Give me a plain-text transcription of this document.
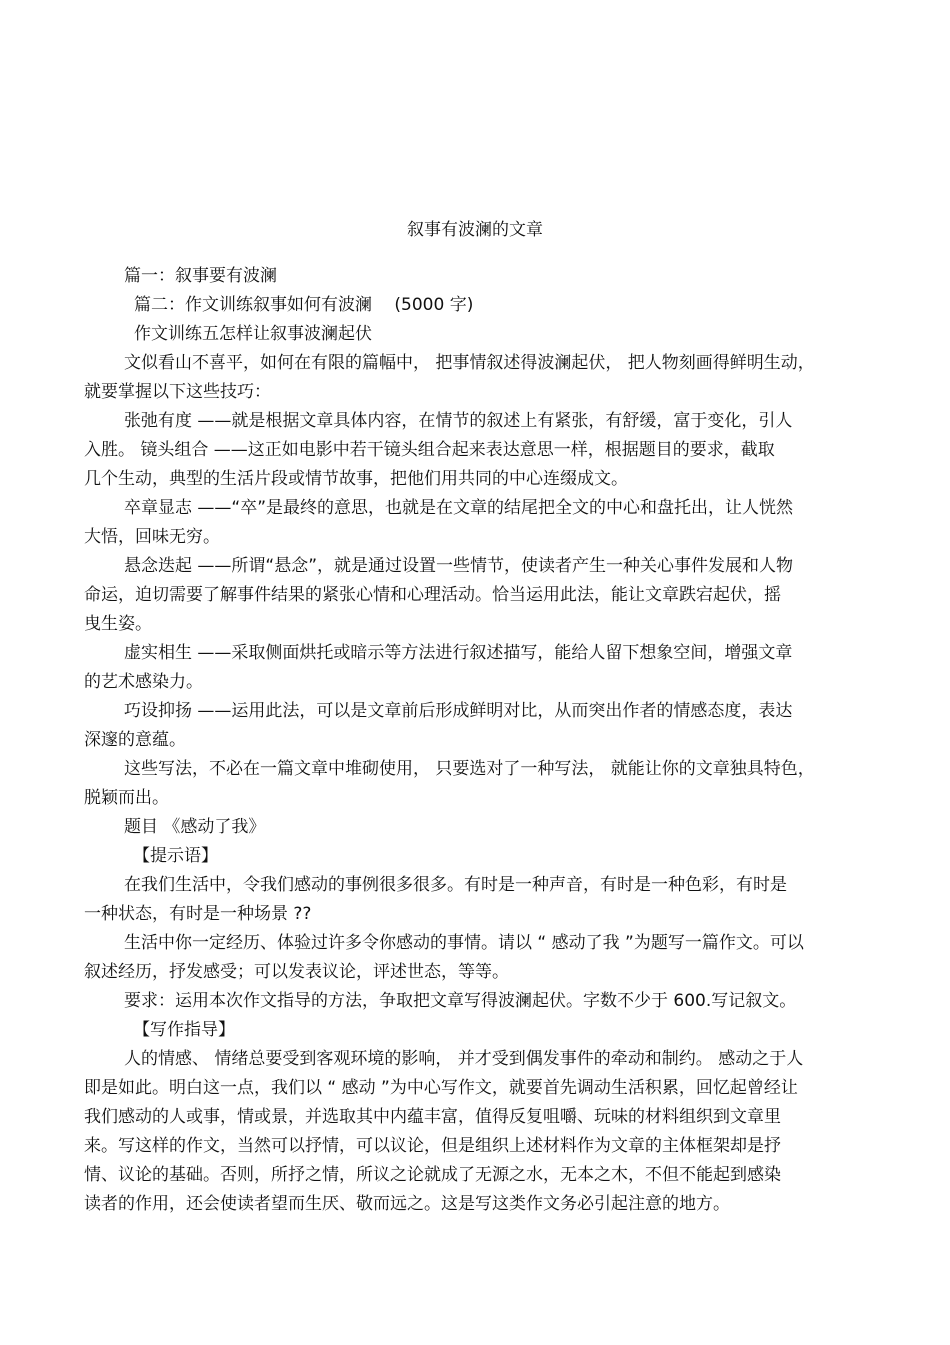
叙事有波澜的文章
篇一：叙事要有波澜
篇二：作文训练叙事如何有波澜　 (5000 字)
作文训练五怎样让叙事波澜起伏
文似看山不喜平，如何在有限的篇幅中， 把事情叙述得波澜起伏， 把人物刻画得鲜明生动，
就要掌握以下这些技巧：
张弛有度 ——就是根据文章具体内容，在情节的叙述上有紧张，有舒缓，富于变化，引人
入胜。 镜头组合 ——这正如电影中若干镜头组合起来表达意思一样，根据题目的要求，截取
几个生动，典型的生活片段或情节故事，把他们用共同的中心连缀成文。
卒章显志 ——“卒”是最终的意思，也就是在文章的结尾把全文的中心和盘托出，让人恍然
大悟，回味无穷。
悬念迭起 ——所谓“悬念”，就是通过设置一些情节，使读者产生一种关心事件发展和人物
命运，迫切需要了解事件结果的紧张心情和心理活动。恰当运用此法，能让文章跌宕起伏，摇
曳生姿。
虚实相生 ——采取侧面烘托或暗示等方法进行叙述描写，能给人留下想象空间，增强文章
的艺术感染力。
巧设抑扬 ——运用此法，可以是文章前后形成鲜明对比，从而突出作者的情感态度，表达
深邃的意蕴。
这些写法，不必在一篇文章中堆砌使用， 只要选对了一种写法， 就能让你的文章独具特色，
脱颖而出。
题目 《感动了我》
【提示语】
在我们生活中，令我们感动的事例很多很多。有时是一种声音，有时是一种色彩，有时是
一种状态，有时是一种场景 ??
生活中你一定经历、体验过许多令你感动的事情。请以 “ 感动了我 ”为题写一篇作文。可以
叙述经历，抒发感受；可以发表议论，评述世态，等等。
要求：运用本次作文指导的方法，争取把文章写得波澜起伏。字数不少于 600.写记叙文。
【写作指导】
人的情感、 情绪总要受到客观环境的影响， 并才受到偶发事件的牵动和制约。 感动之于人
即是如此。明白这一点，我们以 “ 感动 ”为中心写作文，就要首先调动生活积累，回忆起曾经让
我们感动的人或事，情或景，并选取其中内蕴丰富，值得反复咀嚼、玩味的材料组织到文章里
来。写这样的作文，当然可以抒情，可以议论，但是组织上述材料作为文章的主体框架却是抒
情、议论的基础。否则，所抒之情，所议之论就成了无源之水，无本之木，不但不能起到感染
读者的作用，还会使读者望而生厌、敬而远之。这是写这类作文务必引起注意的地方。
